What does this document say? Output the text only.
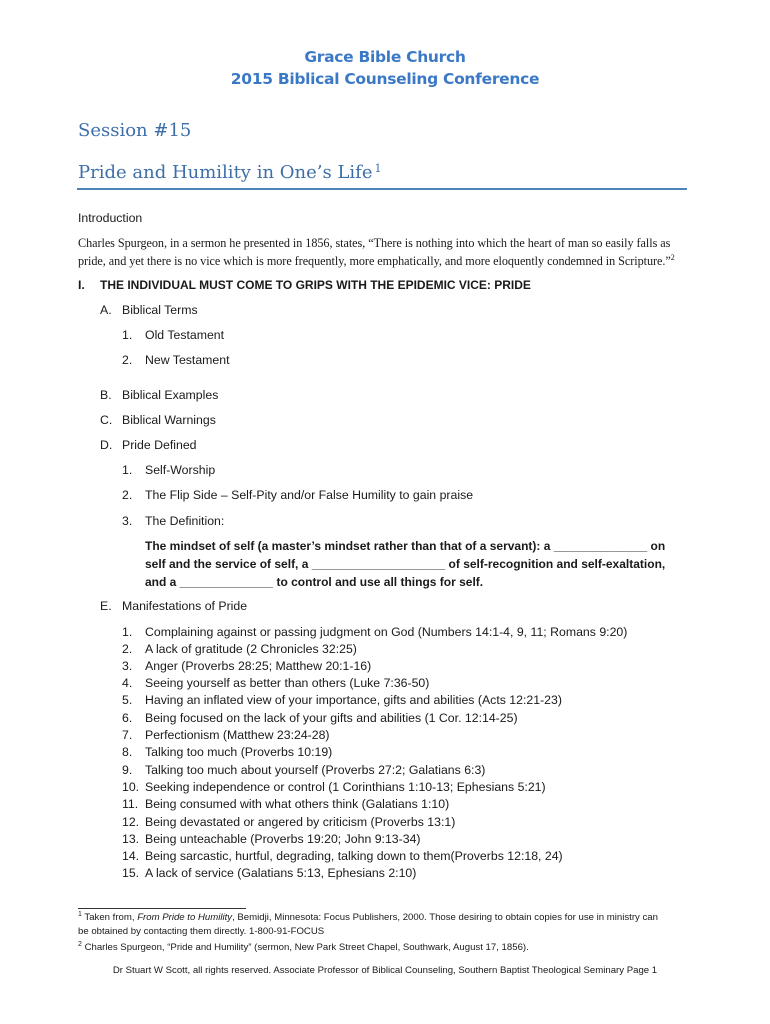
Grace Bible Church
2015 Biblical Counseling Conference
Session #15
Pride and Humility in One’s Life $^1$
Introduction
Charles Spurgeon, in a sermon he presented in 1856, states, “There is nothing into which the heart of man so easily falls as
pride, and yet there is no vice which is more frequently, more emphatically, and more eloquently condemned in Scripture.”$^2$
I. THE INDIVIDUAL MUST COME TO GRIPS WITH THE EPIDEMIC VICE: PRIDE
A. Biblical Terms
1. Old Testament
2. New Testament
B. Biblical Examples
C. Biblical Warnings
D. Pride Defined
1. Self-Worship
2. The Flip Side – Self-Pity and/or False Humility to gain praise
3. The Definition:
The mindset of self (a master’s mindset rather than that of a servant): a ______________ on
self and the service of self, a ____________________ of self-recognition and self-exaltation,
and a ______________ to control and use all things for self.
E. Manifestations of Pride
1. Complaining against or passing judgment on God (Numbers 14:1-4, 9, 11; Romans 9:20)
2. A lack of gratitude (2 Chronicles 32:25)
3. Anger (Proverbs 28:25; Matthew 20:1-16)
4. Seeing yourself as better than others (Luke 7:36-50)
5. Having an inflated view of your importance, gifts and abilities (Acts 12:21-23)
6. Being focused on the lack of your gifts and abilities (1 Cor. 12:14-25)
7. Perfectionism (Matthew 23:24-28)
8. Talking too much (Proverbs 10:19)
9. Talking too much about yourself (Proverbs 27:2; Galatians 6:3)
10. Seeking independence or control (1 Corinthians 1:10-13; Ephesians 5:21)
11. Being consumed with what others think (Galatians 1:10)
12. Being devastated or angered by criticism (Proverbs 13:1)
13. Being unteachable (Proverbs 19:20; John 9:13-34)
14. Being sarcastic, hurtful, degrading, talking down to them(Proverbs 12:18, 24)
15. A lack of service (Galatians 5:13, Ephesians 2:10)
$^1$ Taken from, From Pride to Humility, Bemidji, Minnesota: Focus Publishers, 2000. Those desiring to obtain copies for use in ministry can
be obtained by contacting them directly. 1-800-91-FOCUS
$^2$ Charles Spurgeon, “Pride and Humility” (sermon, New Park Street Chapel, Southwark, August 17, 1856).
Dr Stuart W Scott, all rights reserved. Associate Professor of Biblical Counseling, Southern Baptist Theological Seminary Page 1
